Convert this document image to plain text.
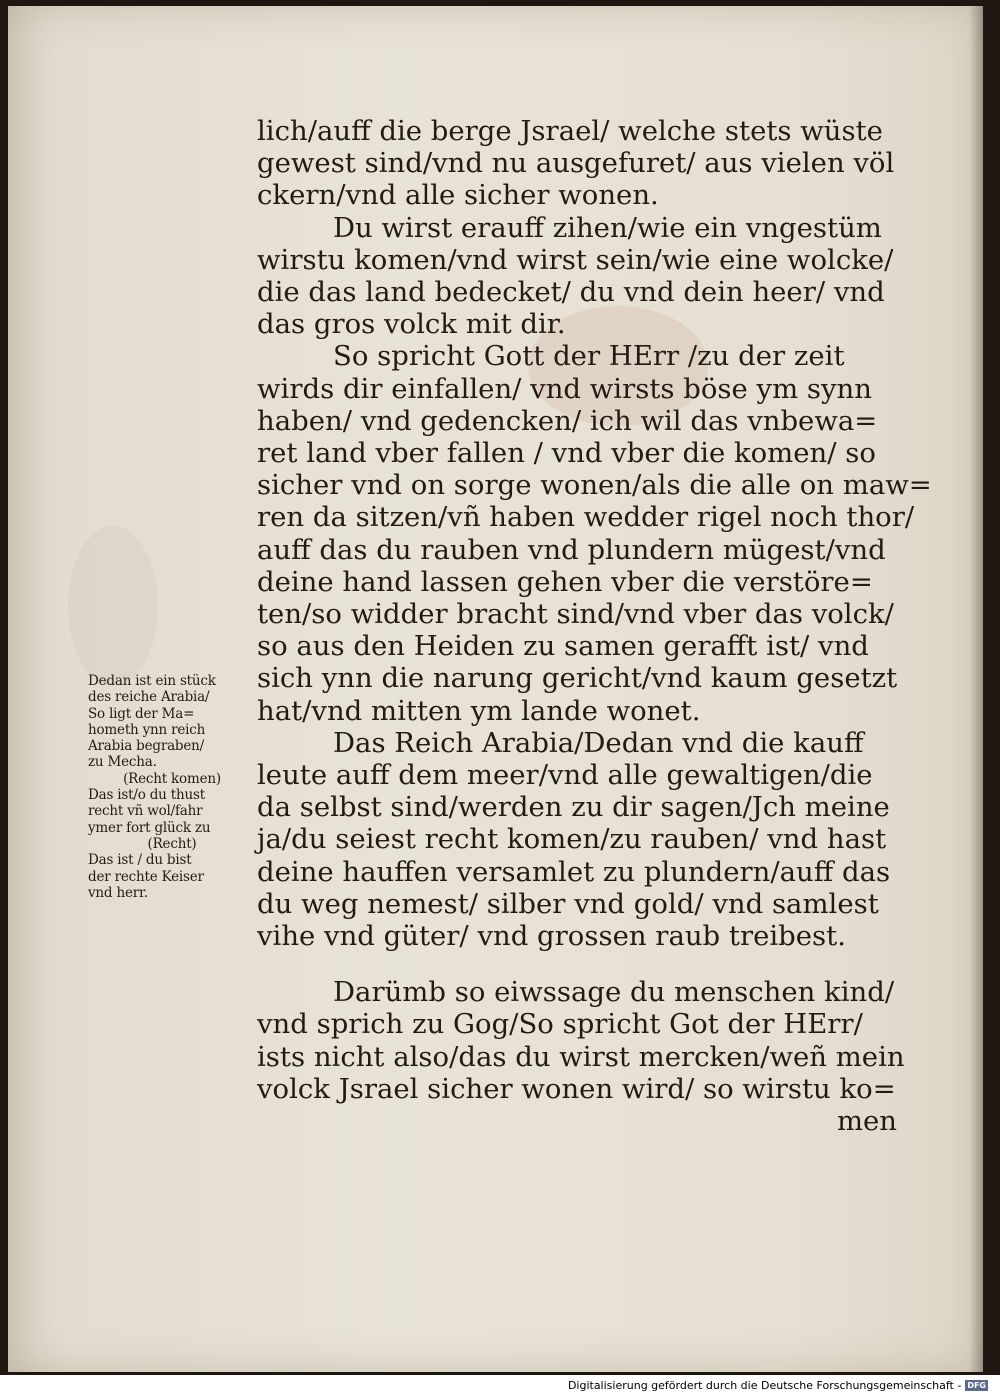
lich/auff die berge Jsrael/ welche stets wüste
gewest sind/vnd nu ausgefuret/ aus vielen völ
ckern/vnd alle sicher wonen.
Du wirst erauff zihen/wie ein vngestüm
wirstu komen/vnd wirst sein/wie eine wolcke/
die das land bedecket/ du vnd dein heer/ vnd
das gros volck mit dir.
So spricht Gott der HErr /zu der zeit
wirds dir einfallen/ vnd wirsts böse ym synn
haben/ vnd gedencken/ ich wil das vnbewa=
ret land vber fallen / vnd vber die komen/ so
sicher vnd on sorge wonen/als die alle on maw=
ren da sitzen/vñ haben wedder rigel noch thor/
auff das du rauben vnd plundern mügest/vnd
deine hand lassen gehen vber die verstöre=
ten/so widder bracht sind/vnd vber das volck/
so aus den Heiden zu samen gerafft ist/ vnd
sich ynn die narung gericht/vnd kaum gesetzt
hat/vnd mitten ym lande wonet.
Das Reich Arabia/Dedan vnd die kauff
leute auff dem meer/vnd alle gewaltigen/die
da selbst sind/werden zu dir sagen/Jch meine
ja/du seiest recht komen/zu rauben/ vnd hast
deine hauffen versamlet zu plundern/auff das
du weg nemest/ silber vnd gold/ vnd samlest
vihe vnd güter/ vnd grossen raub treibest.
Darümb so eiwssage du menschen kind/
vnd sprich zu Gog/So spricht Got der HErr/
ists nicht also/das du wirst mercken/weñ mein
volck Jsrael sicher wonen wird/ so wirstu ko=
men
Dedan ist ein stück
des reiche Arabia/
So ligt der Ma=
hometh ynn reich
Arabia begraben/
zu Mecha.
(Recht komen)
Das ist/o du thust
recht vñ wol/fahr
ymer fort glück zu
(Recht)
Das ist / du bist
der rechte Keiser
vnd herr.
Digitalisierung gefördert durch die Deutsche Forschungsgemeinschaft - DFG
